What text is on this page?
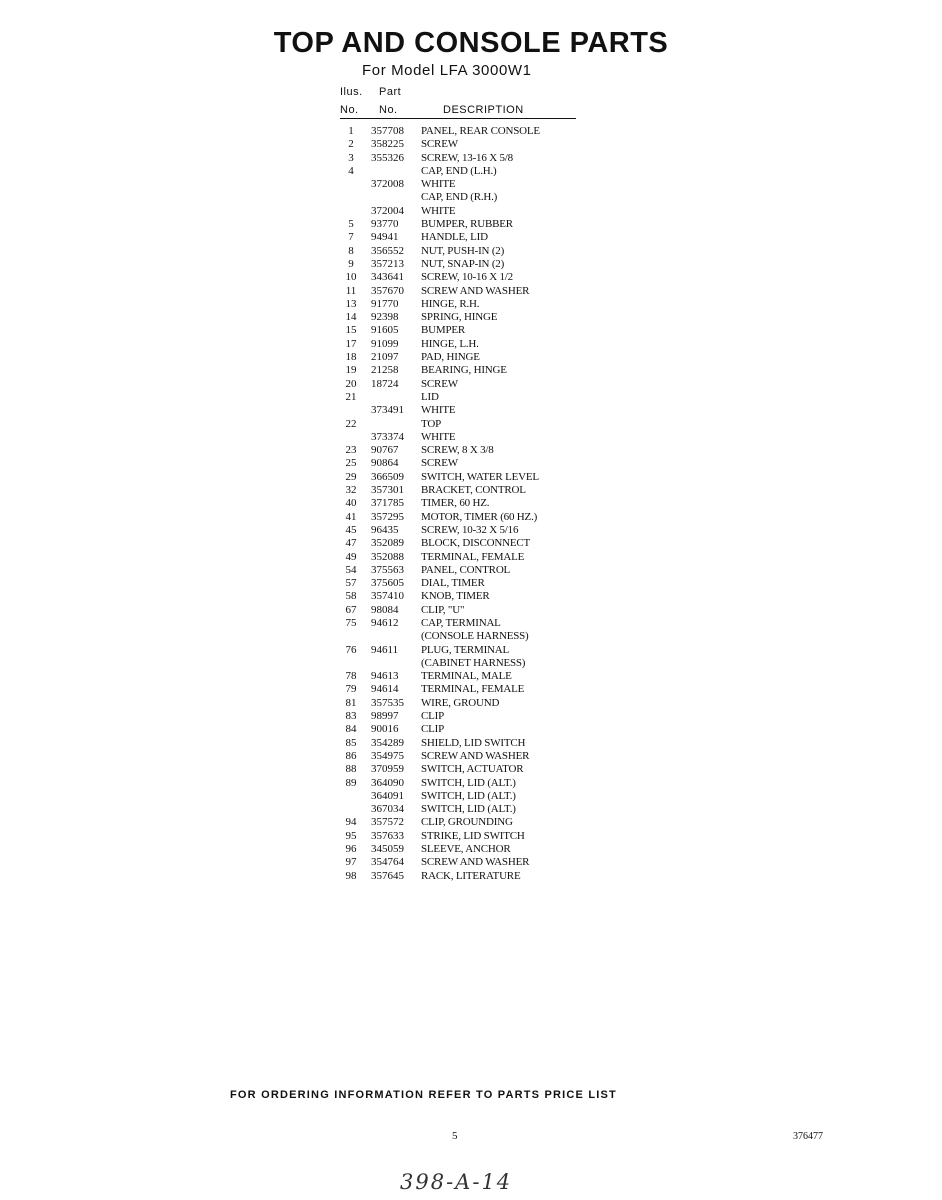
TOP AND CONSOLE PARTS
For Model LFA 3000W1
Ilus. Part
No. No.	DESCRIPTION
1	357708 PANEL, REAR CONSOLE
2	358225 SCREW
3	355326 SCREW, 13-16 X 5/8
4	CAP, END (L.H.)
372008 WHITE
CAP, END (R.H.)
372004 WHITE
5	93770 BUMPER, RUBBER
7	94941 HANDLE, LID
8	356552 NUT, PUSH-IN (2)
9	357213 NUT, SNAP-IN (2)
10	343641 SCREW, 10-16 X 1/2
11	357670 SCREW AND WASHER
13	91770 HINGE, R.H.
14	92398 SPRING, HINGE
15	91605 BUMPER
17	91099 HINGE, L.H.
18	21097 PAD, HINGE
19	21258 BEARING, HINGE
20	18724 SCREW
21	LID
373491 WHITE
22	TOP
373374 WHITE
23	90767 SCREW, 8 X 3/8
25	90864 SCREW
29	366509 SWITCH, WATER LEVEL
32	357301 BRACKET, CONTROL
40	371785 TIMER, 60 HZ.
41	357295 MOTOR, TIMER (60 HZ.)
45	96435 SCREW, 10-32 X 5/16
47	352089 BLOCK, DISCONNECT
49	352088 TERMINAL, FEMALE
54	375563 PANEL, CONTROL
57	375605 DIAL, TIMER
58	357410 KNOB, TIMER
67	98084 CLIP, "U"
75	94612 CAP, TERMINAL
(CONSOLE HARNESS)
76	94611 PLUG, TERMINAL
(CABINET HARNESS)
78	94613 TERMINAL, MALE
79	94614 TERMINAL, FEMALE
81	357535 WIRE, GROUND
83	98997 CLIP
84	90016 CLIP
85	354289 SHIELD, LID SWITCH
86	354975 SCREW AND WASHER
88	370959 SWITCH, ACTUATOR
89	364090 SWITCH, LID (ALT.)
364091 SWITCH, LID (ALT.)
367034 SWITCH, LID (ALT.)
94	357572 CLIP, GROUNDING
95	357633 STRIKE, LID SWITCH
96	345059 SLEEVE, ANCHOR
97	354764 SCREW AND WASHER
98	357645 RACK, LITERATURE
FOR ORDERING INFORMATION REFER TO PARTS PRICE LIST
5	376477
398-A-14
